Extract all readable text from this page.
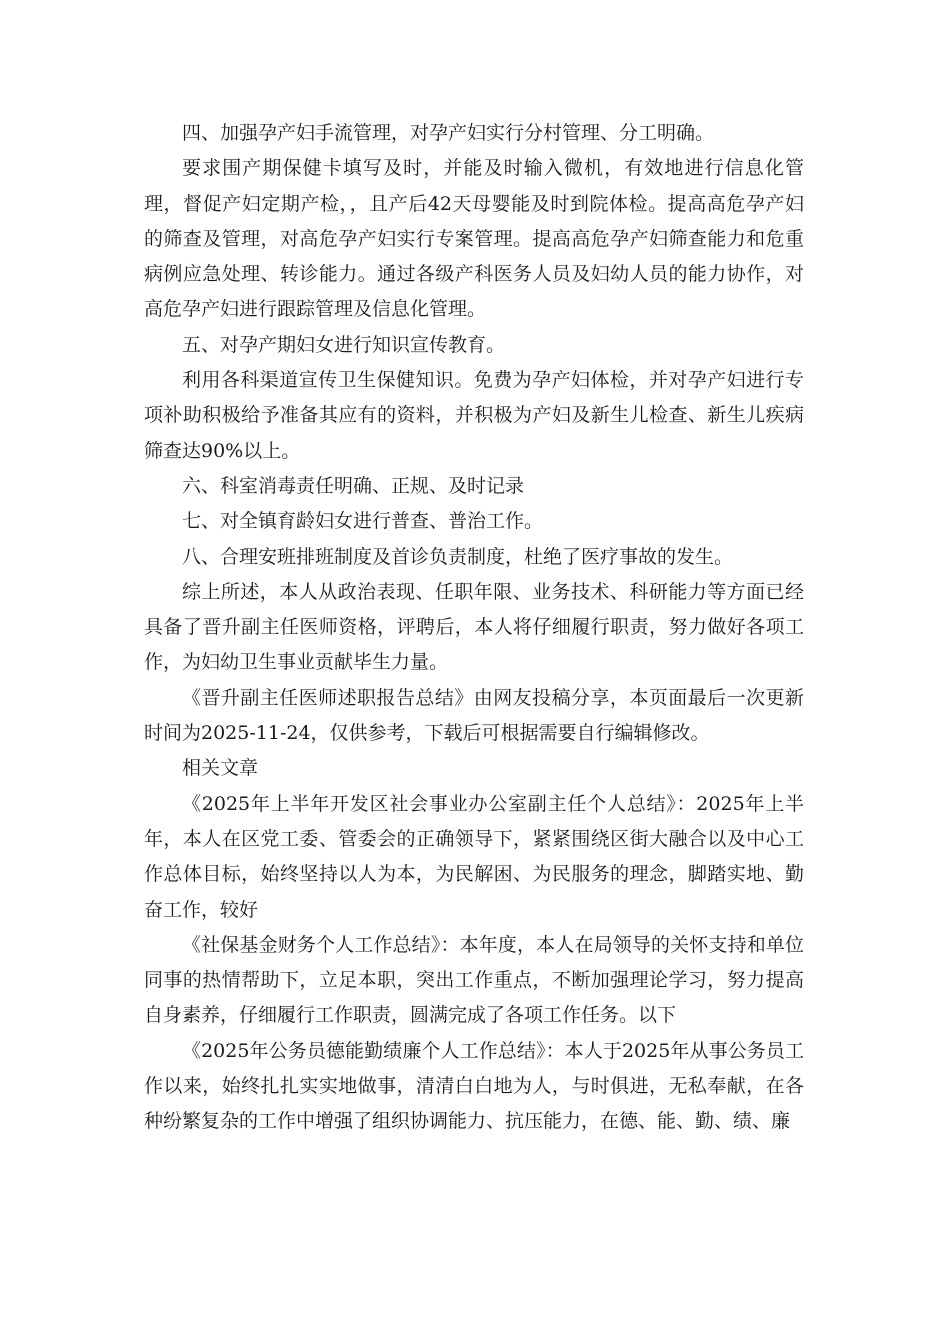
四、加强孕产妇手流管理，对孕产妇实行分村管理、分工明确。

要求围产期保健卡填写及时，并能及时输入微机，有效地进行信息化管理，督促产妇定期产检，，且产后42天母婴能及时到院体检。提高高危孕产妇的筛查及管理，对高危孕产妇实行专案管理。提高高危孕产妇筛查能力和危重病例应急处理、转诊能力。通过各级产科医务人员及妇幼人员的能力协作，对高危孕产妇进行跟踪管理及信息化管理。

五、对孕产期妇女进行知识宣传教育。

利用各科渠道宣传卫生保健知识。免费为孕产妇体检，并对孕产妇进行专项补助积极给予准备其应有的资料，并积极为产妇及新生儿检查、新生儿疾病筛查达90%以上。

六、科室消毒责任明确、正规、及时记录

七、对全镇育龄妇女进行普查、普治工作。

八、合理安班排班制度及首诊负责制度，杜绝了医疗事故的发生。

综上所述，本人从政治表现、任职年限、业务技术、科研能力等方面已经具备了晋升副主任医师资格，评聘后，本人将仔细履行职责，努力做好各项工作，为妇幼卫生事业贡献毕生力量。

《晋升副主任医师述职报告总结》由网友投稿分享，本页面最后一次更新时间为2025-11-24，仅供参考，下载后可根据需要自行编辑修改。

相关文章

《2025年上半年开发区社会事业办公室副主任个人总结》：2025年上半年，本人在区党工委、管委会的正确领导下，紧紧围绕区街大融合以及中心工作总体目标，始终坚持以人为本，为民解困、为民服务的理念，脚踏实地、勤奋工作，较好

《社保基金财务个人工作总结》：本年度，本人在局领导的关怀支持和单位同事的热情帮助下，立足本职，突出工作重点，不断加强理论学习，努力提高自身素养，仔细履行工作职责，圆满完成了各项工作任务。以下

《2025年公务员德能勤绩廉个人工作总结》：本人于2025年从事公务员工作以来，始终扎扎实实地做事，清清白白地为人，与时俱进，无私奉献，在各种纷繁复杂的工作中增强了组织协调能力、抗压能力，在德、能、勤、绩、廉
